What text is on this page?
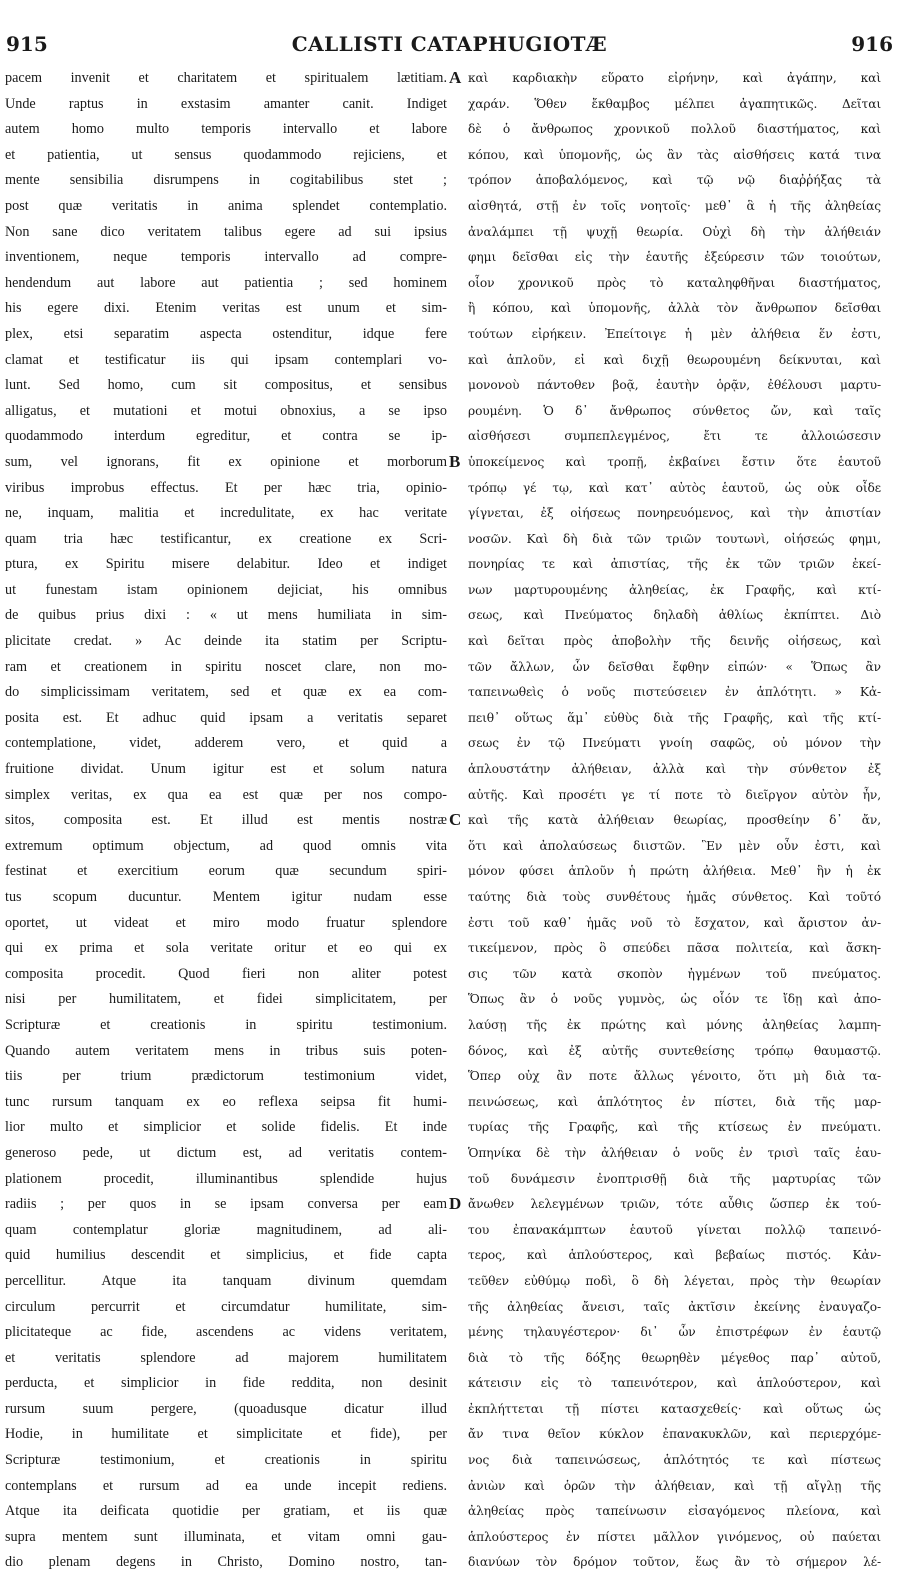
915	CALLISTI CATAPHUGIOTÆ	916
pacem invenit et charitatem et spiritualem lætitiam.
Unde raptus in exstasim amanter canit. Indiget
autem homo multo temporis intervallo et labore
et patientia, ut sensus quodammodo rejiciens, et
mente sensibilia disrumpens in cogitabilibus stet ;
post quæ veritatis in anima splendet contemplatio.
Non sane dico veritatem talibus egere ad sui ipsius
inventionem, neque temporis intervallo ad compre-
hendendum aut labore aut patientia ; sed hominem
his egere dixi. Etenim veritas est unum et sim-
plex, etsi separatim aspecta ostenditur, idque fere
clamat et testificatur iis qui ipsam contemplari vo-
lunt. Sed homo, cum sit compositus, et sensibus
alligatus, et mutationi et motui obnoxius, a se ipso
quodammodo interdum egreditur, et contra se ip-
sum, vel ignorans, fit ex opinione et morborum
viribus improbus effectus. Et per hæc tria, opinio-
ne, inquam, malitia et incredulitate, ex hac veritate
quam tria hæc testificantur, ex creatione ex Scri-
ptura, ex Spiritu misere delabitur. Ideo et indiget
ut funestam istam opinionem dejiciat, his omnibus
de quibus prius dixi : « ut mens humiliata in sim-
plicitate credat. » Ac deinde ita statim per Scriptu-
ram et creationem in spiritu noscet clare, non mo-
do simplicissimam veritatem, sed et quæ ex ea com-
posita est. Et adhuc quid ipsam a veritatis separet
contemplatione, videt, adderem vero, et quid a
fruitione dividat. Unum igitur est et solum natura
simplex veritas, ex qua ea est quæ per nos compo-
sitos, composita est. Et illud est mentis nostræ
extremum optimum objectum, ad quod omnis vita
festinat et exercitium eorum quæ secundum spiri-
tus scopum ducuntur. Mentem igitur nudam esse
oportet, ut videat et miro modo fruatur splendore
qui ex prima et sola veritate oritur et eo qui ex
composita procedit. Quod fieri non aliter potest
nisi per humilitatem, et fidei simplicitatem, per
Scripturæ et creationis in spiritu testimonium.
Quando autem veritatem mens in tribus suis poten-
tiis per trium prædictorum testimonium videt,
tunc rursum tanquam ex eo reflexa seipsa fit humi-
lior multo et simplicior et solide fidelis. Et inde
generoso pede, ut dictum est, ad veritatis contem-
plationem procedit, illuminantibus splendide hujus
radiis ; per quos in se ipsam conversa per eam
quam contemplatur gloriæ magnitudinem, ad ali-
quid humilius descendit et simplicius, et fide capta
percellitur. Atque ita tanquam divinum quemdam
circulum percurrit et circumdatur humilitate, sim-
plicitateque ac fide, ascendens ac videns veritatem,
et veritatis splendore ad majorem humilitatem
perducta, et simplicior in fide reddita, non desinit
rursum suum pergere, (quoadusque dicatur illud
Hodie, in humilitate et simplicitate et fide), per
Scripturæ testimonium, et creationis in spiritu
contemplans et rursum ad ea unde incepit rediens.
Atque ita deificata quotidie per gratiam, et iis quæ
supra mentem sunt illuminata, et vitam omni gau-
dio plenam degens in Christo, Domino nostro, tan-
A
B
C
D
καὶ καρδιακὴν εὕρατο εἰρήνην, καὶ ἀγάπην, καὶ
χαράν. Ὅθεν ἔκθαμβος μέλπει ἀγαπητικῶς. Δεῖται
δὲ ὁ ἄνθρωπος χρονικοῦ πολλοῦ διαστήματος, καὶ
κόπου, καὶ ὑπομονῆς, ὡς ἂν τὰς αἰσθήσεις κατά τινα
τρόπον ἀποβαλόμενος, καὶ τῷ νῷ διαῤῥήξας τὰ
αἰσθητά, στῇ ἐν τοῖς νοητοῖς· μεθ᾽ ἃ ἡ τῆς ἀληθείας
ἀναλάμπει τῇ ψυχῇ θεωρία. Οὐχὶ δὴ τὴν ἀλήθειάν
φημι δεῖσθαι εἰς τὴν ἑαυτῆς ἐξεύρεσιν τῶν τοιούτων,
οἷον χρονικοῦ πρὸς τὸ καταληφθῆναι διαστήματος,
ἢ κόπου, καὶ ὑπομονῆς, ἀλλὰ τὸν ἄνθρωπον δεῖσθαι
τούτων εἰρήκειν. Ἐπείτοιγε ἡ μὲν ἀλήθεια ἕν ἐστι,
καὶ ἁπλοῦν, εἰ καὶ διχῇ θεωρουμένη δείκνυται, καὶ
μονονοὺ πάντοθεν βοᾷ, ἑαυτὴν ὁρᾷν, ἐθέλουσι μαρτυ-
ρουμένη. Ὁ δ᾽ ἄνθρωπος σύνθετος ὤν, καὶ ταῖς
αἰσθήσεσι συμπεπλεγμένος, ἔτι τε ἀλλοιώσεσιν
ὑποκείμενος καὶ τροπῇ, ἐκβαίνει ἔστιν ὅτε ἑαυτοῦ
τρόπῳ γέ τῳ, καὶ κατ᾽ αὐτὸς ἑαυτοῦ, ὡς οὐκ οἶδε
γίγνεται, ἐξ οἰήσεως πονηρευόμενος, καὶ τὴν ἀπιστίαν
νοσῶν. Καὶ δὴ διὰ τῶν τριῶν τουτωνὶ, οἰήσεώς φημι,
πονηρίας τε καὶ ἀπιστίας, τῆς ἐκ τῶν τριῶν ἐκεί-
νων μαρτυρουμένης ἀληθείας, ἐκ Γραφῆς, καὶ κτί-
σεως, καὶ Πνεύματος δηλαδὴ ἀθλίως ἐκπίπτει. Διὸ
καὶ δεῖται πρὸς ἀποβολὴν τῆς δεινῆς οἰήσεως, καὶ
τῶν ἄλλων, ὧν δεῖσθαι ἔφθην εἰπών· « Ὅπως ἂν
ταπεινωθεὶς ὁ νοῦς πιστεύσειεν ἐν ἁπλότητι. » Κἀ-
πειθ᾽ οὕτως ἅμ᾽ εὐθὺς διὰ τῆς Γραφῆς, καὶ τῆς κτί-
σεως ἐν τῷ Πνεύματι γνοίη σαφῶς, οὐ μόνον τὴν
ἁπλουστάτην ἀλήθειαν, ἀλλὰ καὶ τὴν σύνθετον ἐξ
αὐτῆς. Καὶ προσέτι γε τί ποτε τὸ διεῖργον αὐτὸν ἦν,
καὶ τῆς κατὰ ἀλήθειαν θεωρίας, προσθείην δ᾽ ἄν,
ὅτι καὶ ἀπολαύσεως διιστῶν. Ἓν μὲν οὖν ἐστι, καὶ
μόνον φύσει ἁπλοῦν ἡ πρώτη ἀλήθεια. Μεθ᾽ ἣν ἡ ἐκ
ταύτης διὰ τοὺς συνθέτους ἡμᾶς σύνθετος. Καὶ τοῦτό
ἐστι τοῦ καθ᾽ ἡμᾶς νοῦ τὸ ἔσχατον, καὶ ἄριστον ἀν-
τικείμενον, πρὸς ὃ σπεύδει πᾶσα πολιτεία, καὶ ἄσκη-
σις τῶν κατὰ σκοπὸν ἠγμένων τοῦ πνεύματος.
Ὅπως ἂν ὁ νοῦς γυμνὸς, ὡς οἷόν τε ἴδῃ καὶ ἀπο-
λαύσῃ τῆς ἐκ πρώτης καὶ μόνης ἀληθείας λαμπη-
δόνος, καὶ ἐξ αὐτῆς συντεθείσης τρόπῳ θαυμαστῷ.
Ὅπερ οὐχ ἂν ποτε ἄλλως γένοιτο, ὅτι μὴ διὰ τα-
πεινώσεως, καὶ ἁπλότητος ἐν πίστει, διὰ τῆς μαρ-
τυρίας τῆς Γραφῆς, καὶ τῆς κτίσεως ἐν πνεύματι.
Ὁπηνίκα δὲ τὴν ἀλήθειαν ὁ νοῦς ἐν τρισὶ ταῖς ἑαυ-
τοῦ δυνάμεσιν ἐνοπτρισθῇ διὰ τῆς μαρτυρίας τῶν
ἄνωθεν λελεγμένων τριῶν, τότε αὖθις ὥσπερ ἐκ τού-
του ἐπανακάμπτων ἑαυτοῦ γίνεται πολλῷ ταπεινό-
τερος, καὶ ἁπλούστερος, καὶ βεβαίως πιστός. Κἀν-
τεῦθεν εὐθύμῳ ποδὶ, ὃ δὴ λέγεται, πρὸς τὴν θεωρίαν
τῆς ἀληθείας ἄνεισι, ταῖς ἀκτῖσιν ἐκείνης ἐναυγαζο-
μένης τηλαυγέστερον· δι᾽ ὧν ἐπιστρέφων ἐν ἑαυτῷ
διὰ τὸ τῆς δόξης θεωρηθὲν μέγεθος παρ᾽ αὐτοῦ,
κάτεισιν εἰς τὸ ταπεινότερον, καὶ ἁπλούστερον, καὶ
ἐκπλήττεται τῇ πίστει κατασχεθείς· καὶ οὕτως ὡς
ἄν τινα θεῖον κύκλον ἐπανακυκλῶν, καὶ περιερχόμε-
νος διὰ ταπεινώσεως, ἁπλότητός τε καὶ πίστεως
ἀνιὼν καὶ ὁρῶν τὴν ἀλήθειαν, καὶ τῇ αἴγλῃ τῆς
ἀληθείας πρὸς ταπείνωσιν εἰσαγόμενος πλείονα, καὶ
ἁπλούστερος ἐν πίστει μᾶλλον γινόμενος, οὐ παύεται
διανύων τὸν δρόμον τοῦτον, ἕως ἂν τὸ σήμερον λέ-
